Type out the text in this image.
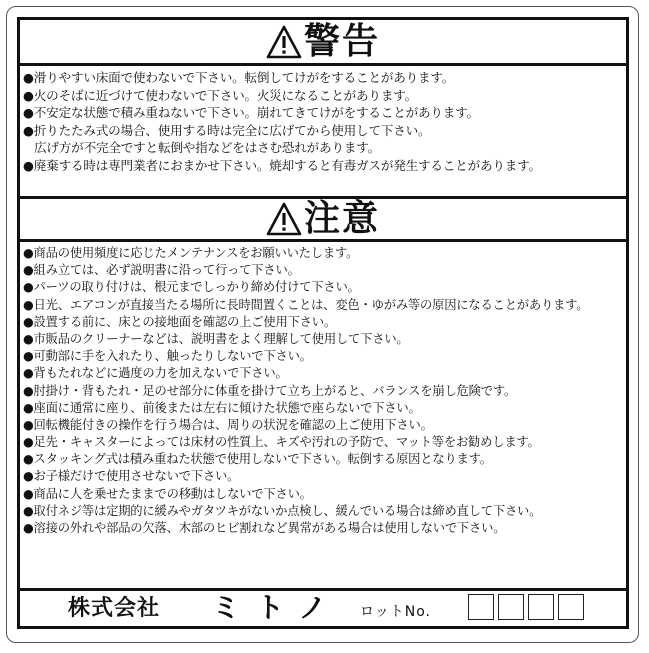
警告
●滑りやすい床面で使わないで下さい。転倒してけがをすることがあります。
●火のそばに近づけて使わないで下さい。火災になることがあります。
●不安定な状態で積み重ねないで下さい。崩れてきてけがをすることがあります。
●折りたたみ式の場合、使用する時は完全に広げてから使用して下さい。
広げ方が不完全ですと転倒や指などをはさむ恐れがあります。
●廃棄する時は専門業者におまかせ下さい。焼却すると有毒ガスが発生することがあります。
注意
●商品の使用頻度に応じたメンテナンスをお願いいたします。
●組み立ては、必ず説明書に沿って行って下さい。
●パーツの取り付けは、根元までしっかり締め付けて下さい。
●日光、エアコンが直接当たる場所に長時間置くことは、変色・ゆがみ等の原因になることがあります。
●設置する前に、床との接地面を確認の上ご使用下さい。
●市販品のクリーナーなどは、説明書をよく理解して使用して下さい。
●可動部に手を入れたり、触ったりしないで下さい。
●背もたれなどに過度の力を加えないで下さい。
●肘掛け・背もたれ・足のせ部分に体重を掛けて立ち上がると、バランスを崩し危険です。
●座面に通常に座り、前後または左右に傾けた状態で座らないで下さい。
●回転機能付きの操作を行う場合は、周りの状況を確認の上ご使用下さい。
●足先・キャスターによっては床材の性質上、キズや汚れの予防で、マット等をお勧めします。
●スタッキング式は積み重ねた状態で使用しないで下さい。転倒する原因となります。
●お子様だけで使用させないで下さい。
●商品に人を乗せたままでの移動はしないで下さい。
●取付ネジ等は定期的に緩みやガタツキがないか点検し、緩んでいる場合は締め直して下さい。
●溶接の外れや部品の欠落、木部のヒビ割れなど異常がある場合は使用しないで下さい。
株式会社 ミトノ ロットNo.
